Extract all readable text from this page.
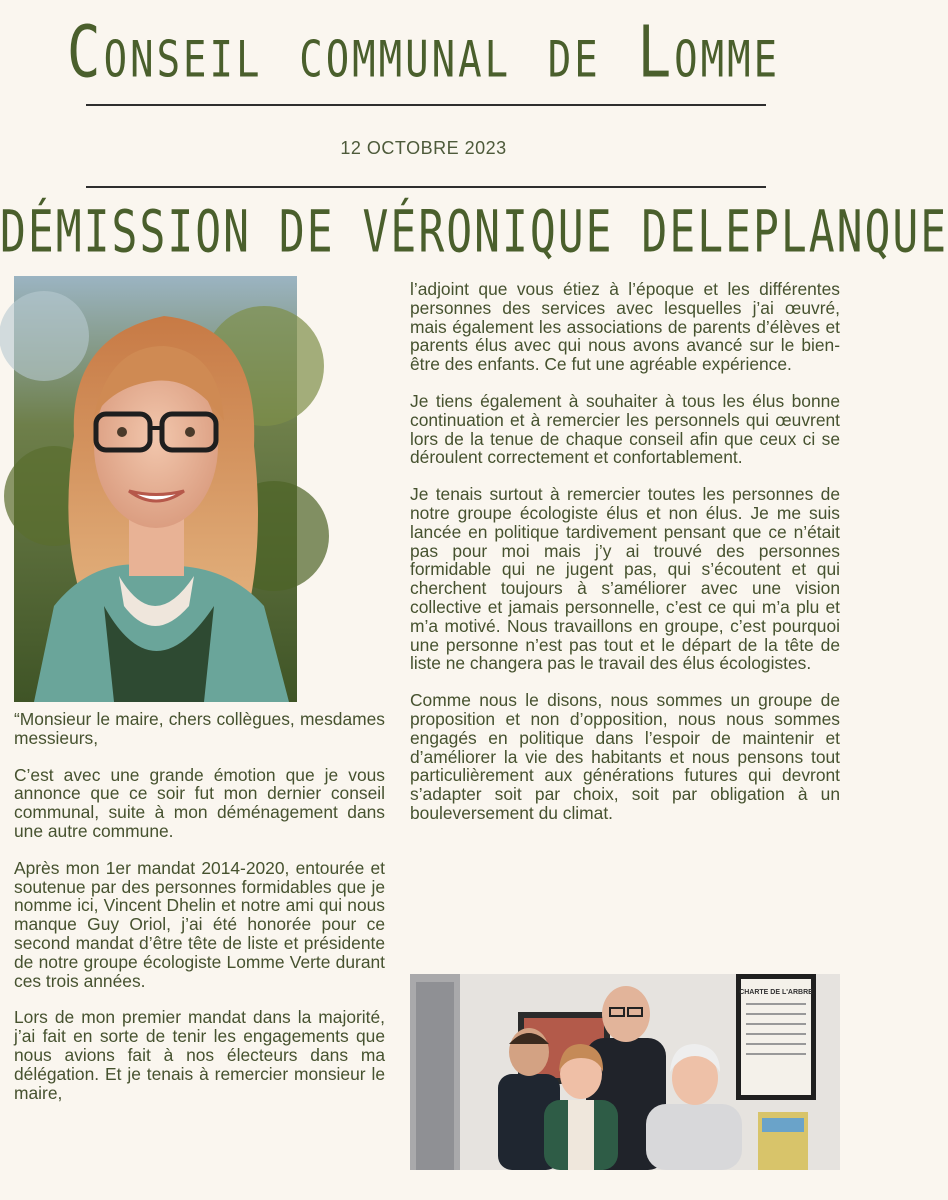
Conseil communal de Lomme
12 OCTOBRE 2023
DÉMISSION DE VÉRONIQUE DELEPLANQUE

“Monsieur le maire, chers collègues, mesdames messieurs,

C’est avec une grande émotion que je vous annonce que ce soir fut mon dernier conseil communal, suite à mon déménagement dans une autre commune.

Après mon 1er mandat 2014-2020, entourée et soutenue par des personnes formidables que je nomme ici, Vincent Dhelin et notre ami qui nous manque Guy Oriol, j’ai été honorée pour ce second mandat d’être tête de liste et présidente de notre groupe écologiste Lomme Verte durant ces trois années.

Lors de mon premier mandat dans la majorité, j’ai fait en sorte de tenir les engagements que nous avions fait à nos électeurs dans ma délégation. Et je tenais à remercier monsieur le maire,

l’adjoint que vous étiez à l’époque et les différentes personnes des services avec lesquelles j’ai œuvré, mais également les associations de parents d’élèves et parents élus avec qui nous avons avancé sur le bien-être des enfants. Ce fut une agréable expérience.

Je tiens également à souhaiter à tous les élus bonne continuation et à remercier les personnels qui œuvrent lors de la tenue de chaque conseil afin que ceux ci se déroulent correctement et confortablement.

Je tenais surtout à remercier toutes les personnes de notre groupe écologiste élus et non élus. Je me suis lancée en politique tardivement pensant que ce n’était pas pour moi mais j’y ai trouvé des personnes formidable qui ne jugent pas, qui s’écoutent et qui cherchent toujours à s’améliorer avec une vision collective et jamais personnelle, c’est ce qui m’a plu et m’a motivé. Nous travaillons en groupe, c’est pourquoi une personne n’est pas tout et le départ de la tête de liste ne changera pas le travail des élus écologistes.

Comme nous le disons, nous sommes un groupe de proposition et non d’opposition, nous nous sommes engagés en politique dans l’espoir de maintenir et d’améliorer la vie des habitants et nous pensons tout particulièrement aux générations futures qui devront s’adapter soit par choix, soit par obligation à un bouleversement du climat.

CHARTE DE L'ARBRE
